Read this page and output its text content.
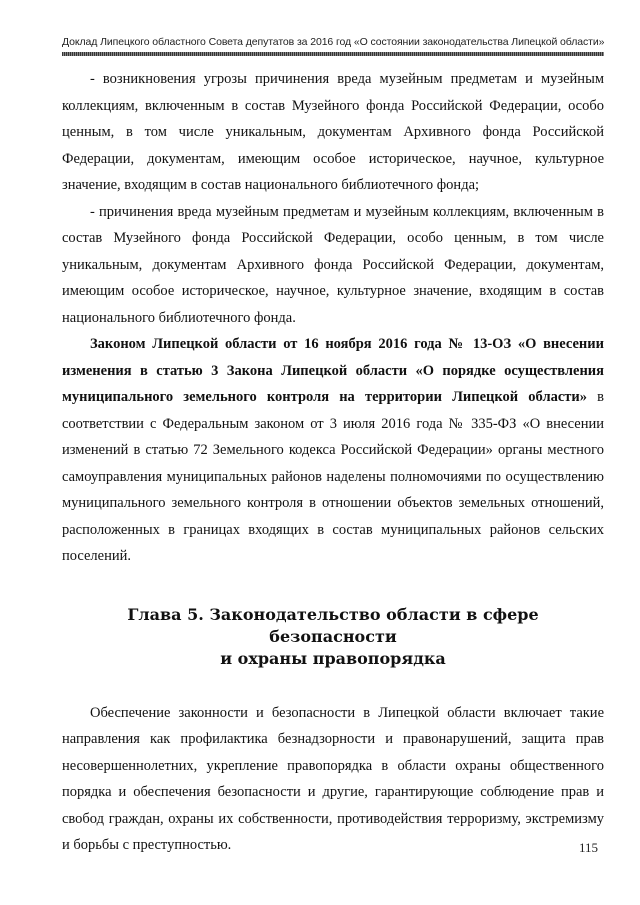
Доклад Липецкого областного Совета депутатов за 2016 год «О состоянии законодательства Липецкой области»

- возникновения угрозы причинения вреда музейным предметам и музейным коллекциям, включенным в состав Музейного фонда Российской Федерации, особо ценным, в том числе уникальным, документам Архивного фонда Российской Федерации, документам, имеющим особое историческое, научное, культурное значение, входящим в состав национального библиотечного фонда;

- причинения вреда музейным предметам и музейным коллекциям, включенным в состав Музейного фонда Российской Федерации, особо ценным, в том числе уникальным, документам Архивного фонда Российской Федерации, документам, имеющим особое историческое, научное, культурное значение, входящим в состав национального библиотечного фонда.

Законом Липецкой области от 16 ноября 2016 года № 13-ОЗ «О внесении изменения в статью 3 Закона Липецкой области «О порядке осуществления муниципального земельного контроля на территории Липецкой области» в соответствии с Федеральным законом от 3 июля 2016 года № 335-ФЗ «О внесении изменений в статью 72 Земельного кодекса Российской Федерации» органы местного самоуправления муниципальных районов наделены полномочиями по осуществлению муниципального земельного контроля в отношении объектов земельных отношений, расположенных в границах входящих в состав муниципальных районов сельских поселений.

Глава 5. Законодательство области в сфере безопасности
и охраны правопорядка

Обеспечение законности и безопасности в Липецкой области включает такие направления как профилактика безнадзорности и правонарушений, защита прав несовершеннолетних, укрепление правопорядка в области охраны общественного порядка и обеспечения безопасности и другие, гарантирующие соблюдение прав и свобод граждан, охраны их собственности, противодействия терроризму, экстремизму и борьбы с преступностью.	115
